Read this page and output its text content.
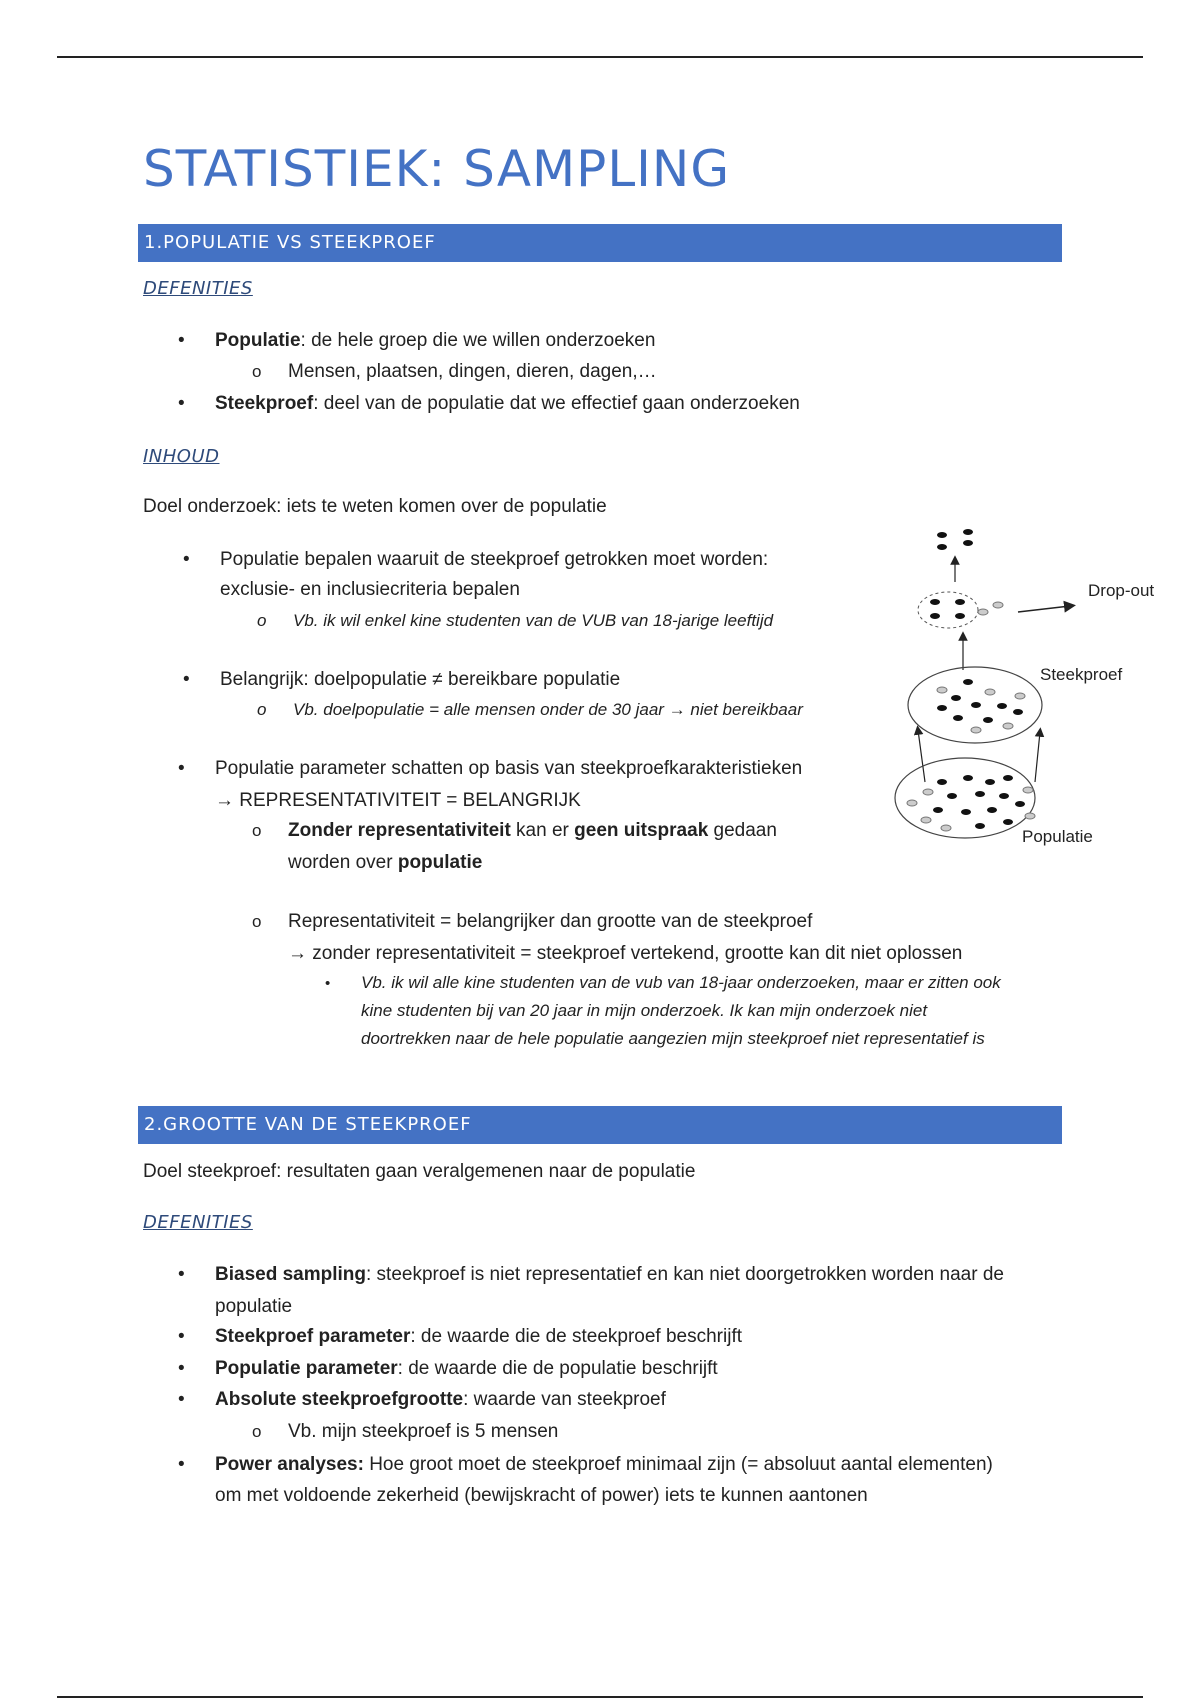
STATISTIEK: SAMPLING
1.POPULATIE VS STEEKPROEF
DEFENITIES
• Populatie: de hele groep die we willen onderzoeken
o Mensen, plaatsen, dingen, dieren, dagen,…
• Steekproef: deel van de populatie dat we effectief gaan onderzoeken
INHOUD
Doel onderzoek: iets te weten komen over de populatie
• Populatie bepalen waaruit de steekproef getrokken moet worden:
exclusie- en inclusiecriteria bepalen
o Vb. ik wil enkel kine studenten van de VUB van 18-jarige leeftijd
• Belangrijk: doelpopulatie ≠ bereikbare populatie
o Vb. doelpopulatie = alle mensen onder de 30 jaar → niet bereikbaar
• Populatie parameter schatten op basis van steekproefkarakteristieken
→ REPRESENTATIVITEIT = BELANGRIJK
o Zonder representativiteit kan er geen uitspraak gedaan
worden over populatie
o Representativiteit = belangrijker dan grootte van de steekproef
→ zonder representativiteit = steekproef vertekend, grootte kan dit niet oplossen
• Vb. ik wil alle kine studenten van de vub van 18-jaar onderzoeken, maar er zitten ook
kine studenten bij van 20 jaar in mijn onderzoek. Ik kan mijn onderzoek niet
doortrekken naar de hele populatie aangezien mijn steekproef niet representatief is
Drop-out
Steekproef
Populatie
2.GROOTTE VAN DE STEEKPROEF
Doel steekproef: resultaten gaan veralgemenen naar de populatie
DEFENITIES
• Biased sampling: steekproef is niet representatief en kan niet doorgetrokken worden naar de
populatie
• Steekproef parameter: de waarde die de steekproef beschrijft
• Populatie parameter: de waarde die de populatie beschrijft
• Absolute steekproefgrootte: waarde van steekproef
o Vb. mijn steekproef is 5 mensen
• Power analyses: Hoe groot moet de steekproef minimaal zijn (= absoluut aantal elementen)
om met voldoende zekerheid (bewijskracht of power) iets te kunnen aantonen
